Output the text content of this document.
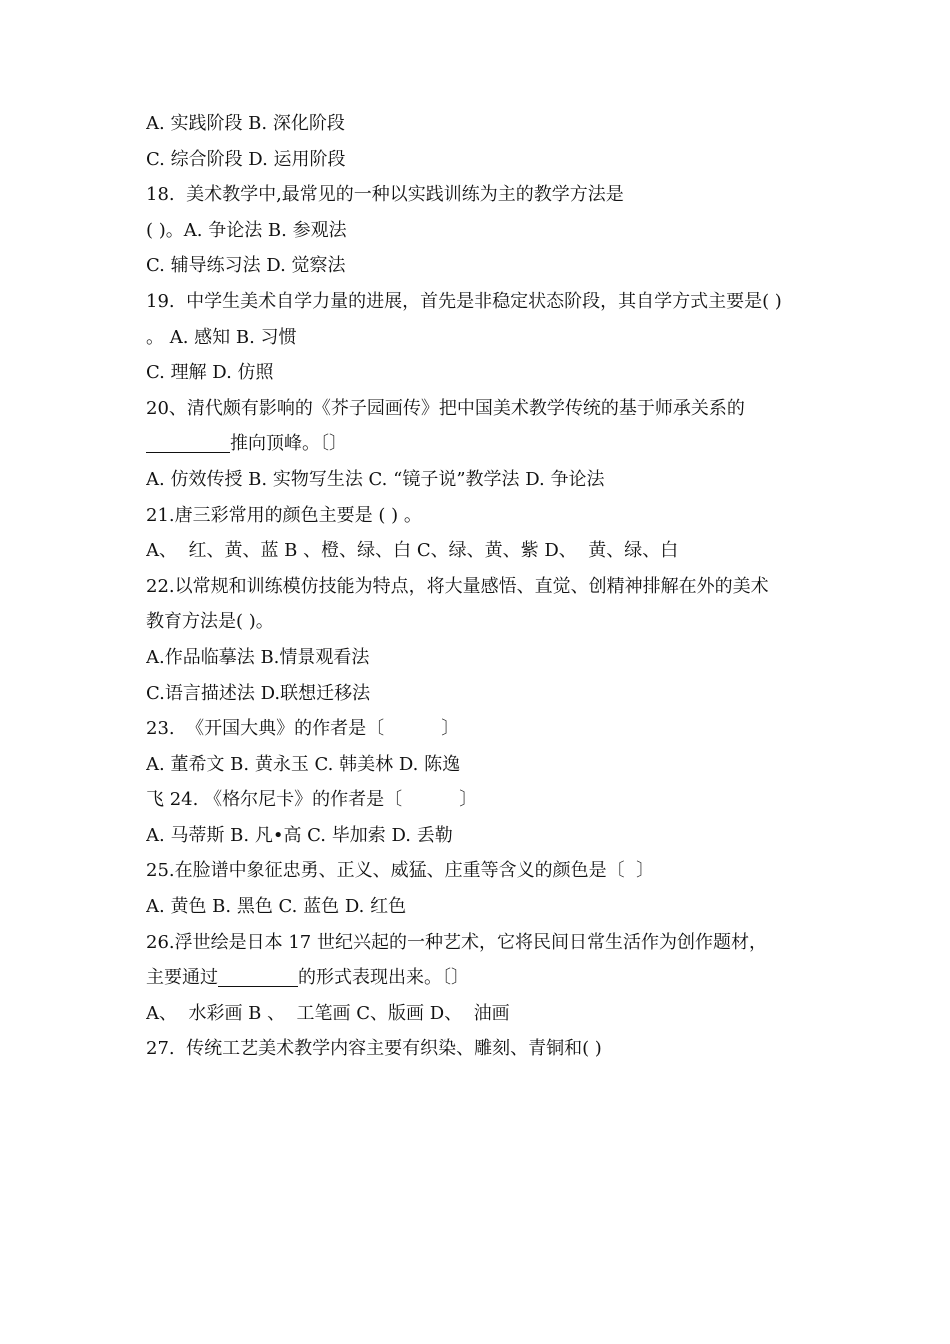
A. 实践阶段 B. 深化阶段
C. 综合阶段 D. 运用阶段
18.  美术教学中,最常见的一种以实践训练为主的教学方法是
( )。A. 争论法 B. 参观法
C. 辅导练习法 D. 觉察法
19.  中学生美术自学力量的进展，首先是非稳定状态阶段，其自学方式主要是( )
。 A. 感知 B. 习惯
C. 理解 D. 仿照
20、清代颇有影响的《芥子园画传》把中国美术教学传统的基于师承关系的
推向顶峰。〔〕
A. 仿效传授 B. 实物写生法 C. “镜子说”教学法 D. 争论法
21.唐三彩常用的颜色主要是 ( ) 。
A、  红、黄、蓝 B 、橙、绿、白 C、绿、黄、紫 D、  黄、绿、白
22.以常规和训练模仿技能为特点，将大量感悟、直觉、创精神排解在外的美术
教育方法是( )。
A.作品临摹法 B.情景观看法
C.语言描述法 D.联想迁移法
23.  《开国大典》的作者是〔          〕
A. 董希文 B. 黄永玉 C. 韩美林 D. 陈逸
飞 24. 《格尔尼卡》的作者是〔          〕
A. 马蒂斯 B. 凡•高 C. 毕加索 D. 丢勒
25.在脸谱中象征忠勇、正义、威猛、庄重等含义的颜色是〔  〕
A. 黄色 B. 黑色 C. 蓝色 D. 红色
26.浮世绘是日本 17 世纪兴起的一种艺术，它将民间日常生活作为创作题材，
主要通过	的形式表现出来。〔〕
A、  水彩画 B 、  工笔画 C、版画 D、  油画
27.  传统工艺美术教学内容主要有织染、雕刻、青铜和( )
